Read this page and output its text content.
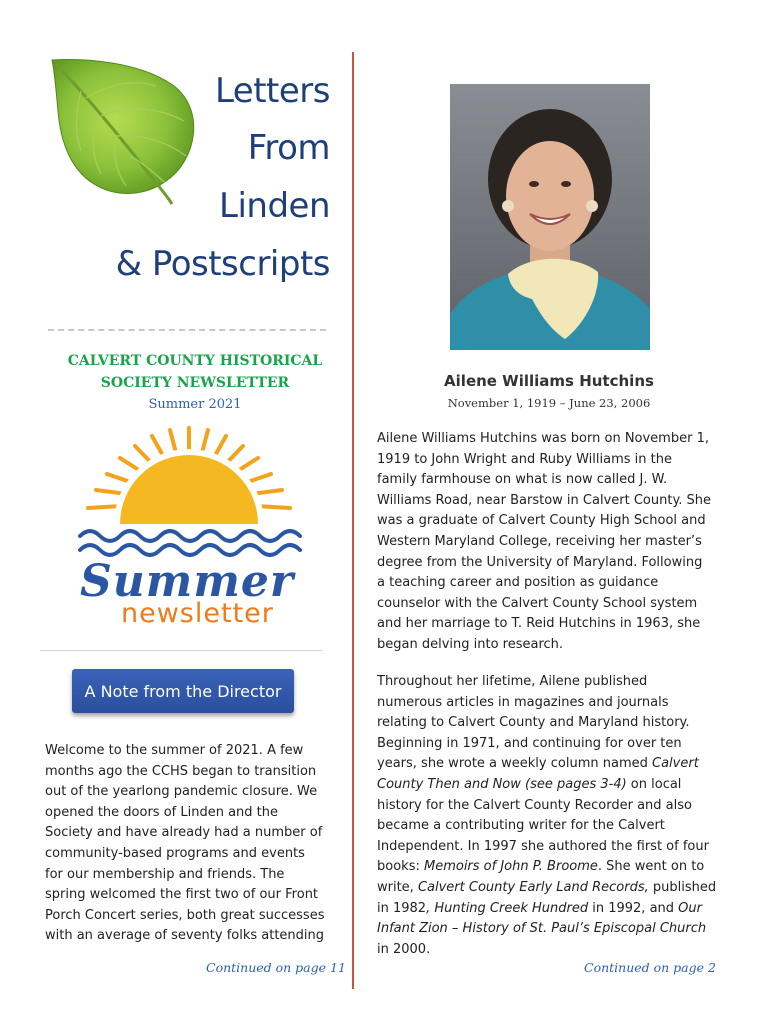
Letters
From
Linden
& Postscripts
CALVERT COUNTY HISTORICAL
SOCIETY NEWSLETTER
Summer 2021
Summer
newsletter
A Note from the Director
Welcome to the summer of 2021. A few
months ago the CCHS began to transition
out of the yearlong pandemic closure. We
opened the doors of Linden and the
Society and have already had a number of
community-based programs and events
for our membership and friends. The
spring welcomed the first two of our Front
Porch Concert series, both great successes
with an average of seventy folks attending
Continued on page 11
Ailene Williams Hutchins
November 1, 1919 – June 23, 2006
Ailene Williams Hutchins was born on November 1,
1919 to John Wright and Ruby Williams in the
family farmhouse on what is now called J. W.
Williams Road, near Barstow in Calvert County. She
was a graduate of Calvert County High School and
Western Maryland College, receiving her master’s
degree from the University of Maryland. Following
a teaching career and position as guidance
counselor with the Calvert County School system
and her marriage to T. Reid Hutchins in 1963, she
began delving into research.
Throughout her lifetime, Ailene published
numerous articles in magazines and journals
relating to Calvert County and Maryland history.
Beginning in 1971, and continuing for over ten
years, she wrote a weekly column named Calvert
County Then and Now (see pages 3-4) on local
history for the Calvert County Recorder and also
became a contributing writer for the Calvert
Independent. In 1997 she authored the first of four
books: Memoirs of John P. Broome. She went on to
write, Calvert County Early Land Records, published
in 1982, Hunting Creek Hundred in 1992, and Our
Infant Zion – History of St. Paul’s Episcopal Church
in 2000.
Continued on page 2
